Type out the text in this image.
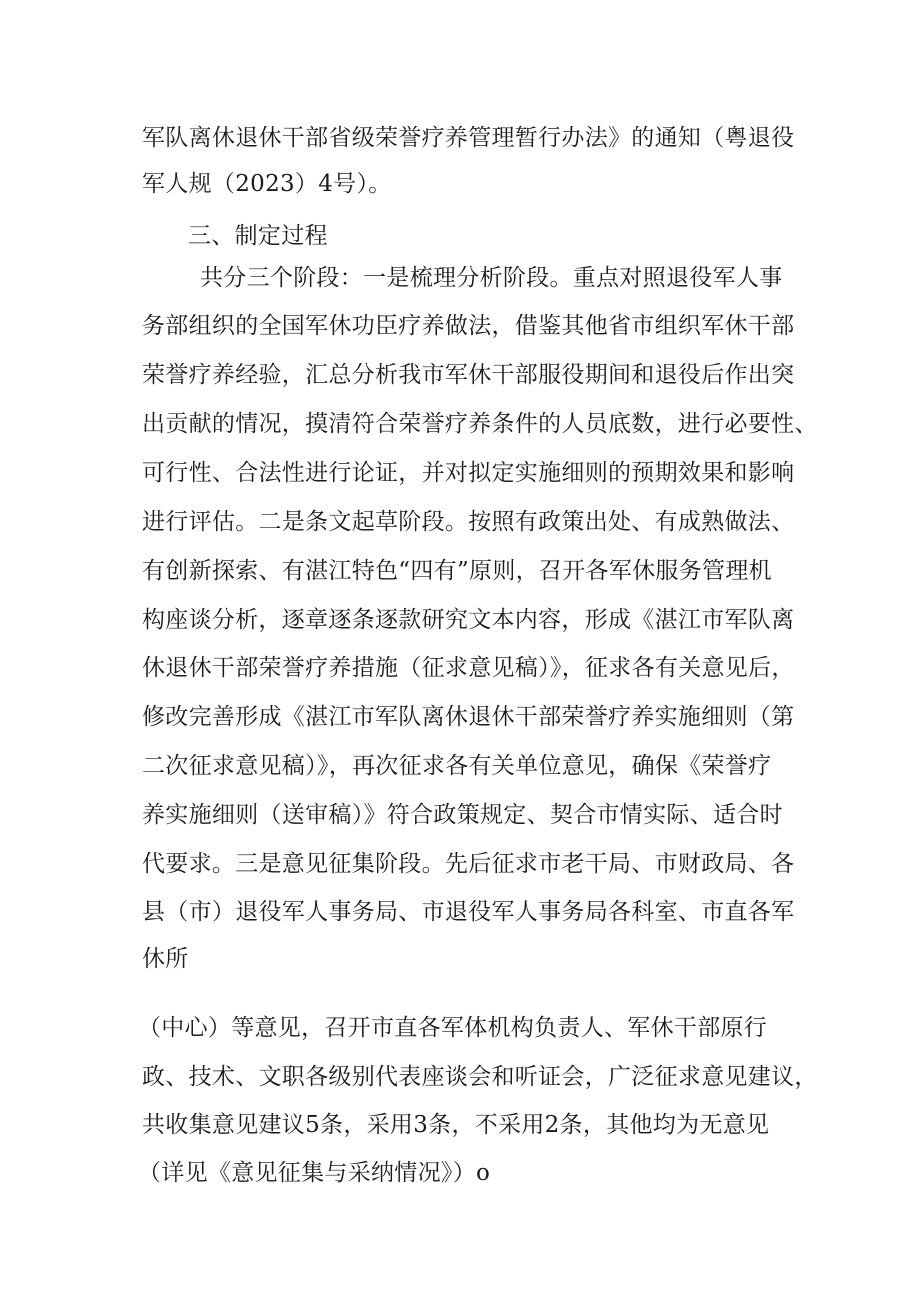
军队离休退休干部省级荣誉疗养管理暂行办法》的通知（粤退役
军人规（2023）4号）。
三、制定过程
共分三个阶段：一是梳理分析阶段。重点对照退役军人事
务部组织的全国军休功臣疗养做法，借鉴其他省市组织军休干部
荣誉疗养经验，汇总分析我市军休干部服役期间和退役后作出突
出贡献的情况，摸清符合荣誉疗养条件的人员底数，进行必要性、
可行性、合法性进行论证，并对拟定实施细则的预期效果和影响
进行评估。二是条文起草阶段。按照有政策出处、有成熟做法、
有创新探索、有湛江特色“四有”原则，召开各军休服务管理机
构座谈分析，逐章逐条逐款研究文本内容，形成《湛江市军队离
休退休干部荣誉疗养措施（征求意见稿）》，征求各有关意见后，
修改完善形成《湛江市军队离休退休干部荣誉疗养实施细则（第
二次征求意见稿）》，再次征求各有关单位意见，确保《荣誉疗
养实施细则（送审稿）》符合政策规定、契合市情实际、适合时
代要求。三是意见征集阶段。先后征求市老干局、市财政局、各
县（市）退役军人事务局、市退役军人事务局各科室、市直各军
休所
（中心）等意见，召开市直各军体机构负责人、军休干部原行
政、技术、文职各级别代表座谈会和听证会，广泛征求意见建议，
共收集意见建议5条，采用3条，不采用2条，其他均为无意见
（详见《意见征集与采纳情况》）o
